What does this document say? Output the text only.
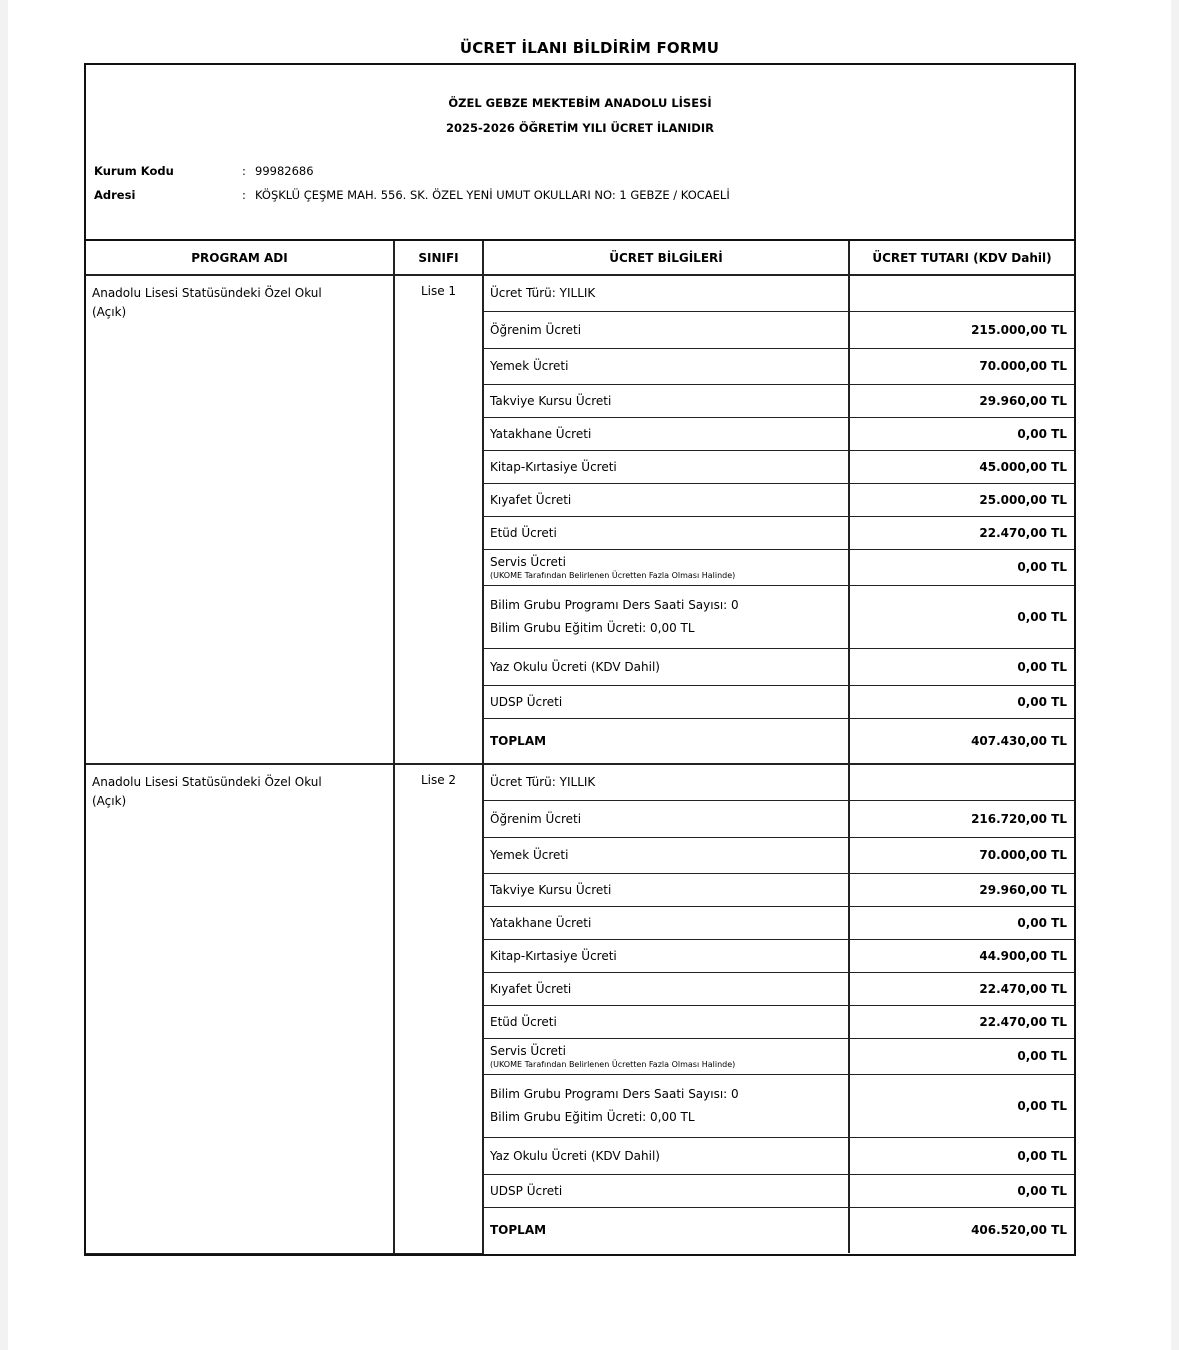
ÜCRET İLANI BİLDİRİM FORMU
ÖZEL GEBZE MEKTEBİM ANADOLU LİSESİ
2025-2026 ÖĞRETİM YILI ÜCRET İLANIDIR
Kurum Kodu	: 99982686
Adresi	: KÖŞKLÜ ÇEŞME MAH. 556. SK. ÖZEL YENİ UMUT OKULLARI NO: 1 GEBZE / KOCAELİ
PROGRAM ADI	SINIFI	ÜCRET BİLGİLERİ	ÜCRET TUTARI (KDV Dahil)

Anadolu Lisesi Statüsündeki Özel Okul
(Açık)	Lise 1	Ücret Türü: YILLIK	
		Öğrenim Ücreti	215.000,00 TL
		Yemek Ücreti	70.000,00 TL
		Takviye Kursu Ücreti	29.960,00 TL
		Yatakhane Ücreti	0,00 TL
		Kitap-Kırtasiye Ücreti	45.000,00 TL
		Kıyafet Ücreti	25.000,00 TL
		Etüd Ücreti	22.470,00 TL
		Servis Ücreti
(UKOME Tarafından Belirlenen Ücretten Fazla Olması Halinde)	0,00 TL
		Bilim Grubu Programı Ders Saati Sayısı: 0
Bilim Grubu Eğitim Ücreti: 0,00 TL	0,00 TL
		Yaz Okulu Ücreti (KDV Dahil)	0,00 TL
		UDSP Ücreti	0,00 TL
		TOPLAM	407.430,00 TL

Anadolu Lisesi Statüsündeki Özel Okul
(Açık)	Lise 2	Ücret Türü: YILLIK	
		Öğrenim Ücreti	216.720,00 TL
		Yemek Ücreti	70.000,00 TL
		Takviye Kursu Ücreti	29.960,00 TL
		Yatakhane Ücreti	0,00 TL
		Kitap-Kırtasiye Ücreti	44.900,00 TL
		Kıyafet Ücreti	22.470,00 TL
		Etüd Ücreti	22.470,00 TL
		Servis Ücreti
(UKOME Tarafından Belirlenen Ücretten Fazla Olması Halinde)	0,00 TL
		Bilim Grubu Programı Ders Saati Sayısı: 0
Bilim Grubu Eğitim Ücreti: 0,00 TL	0,00 TL
		Yaz Okulu Ücreti (KDV Dahil)	0,00 TL
		UDSP Ücreti	0,00 TL
		TOPLAM	406.520,00 TL
